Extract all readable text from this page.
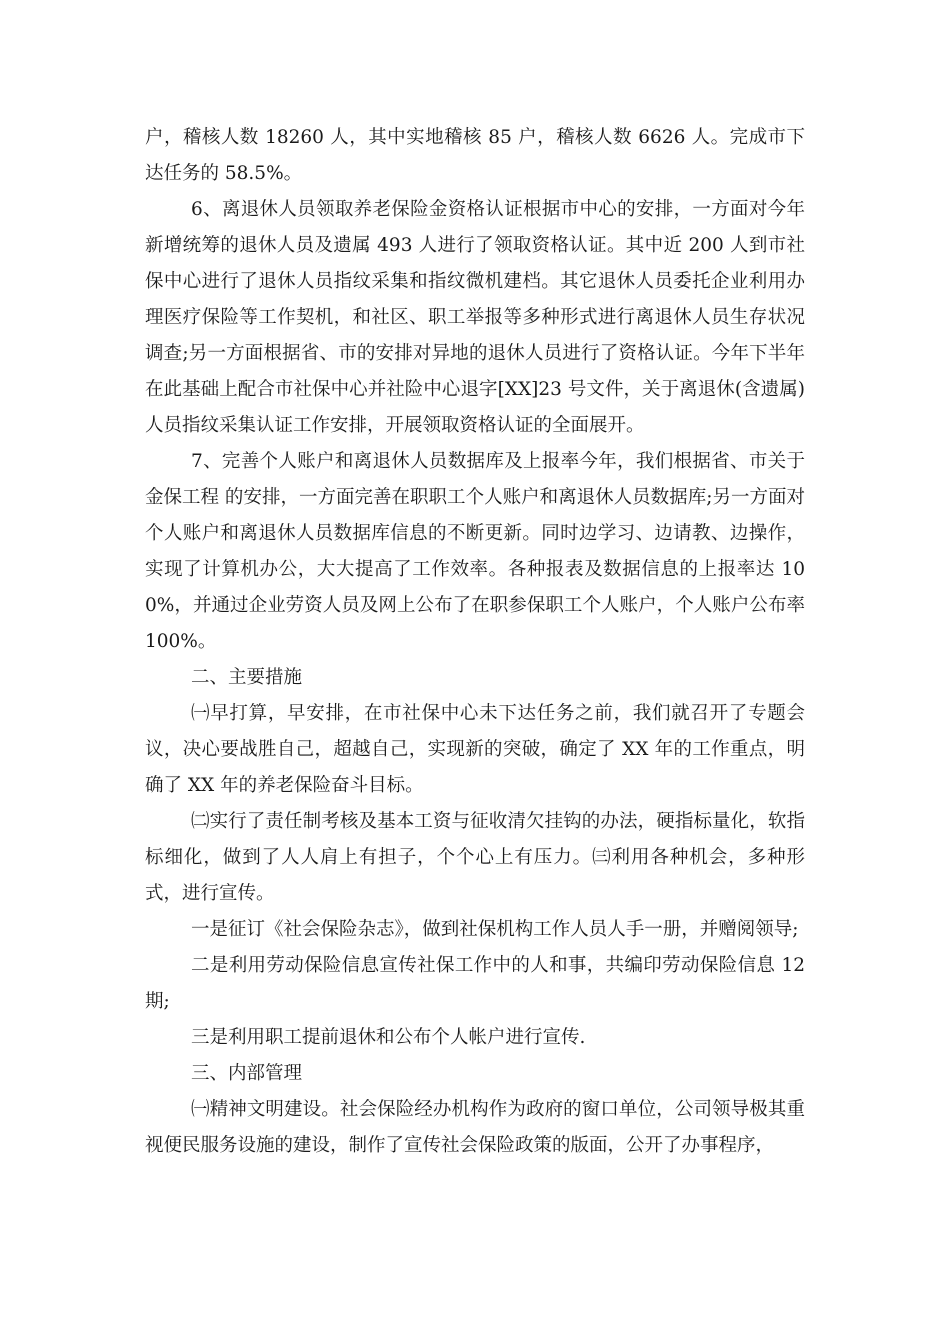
户，稽核人数 18260 人，其中实地稽核 85 户，稽核人数 6626 人。完成市下达任务的 58.5%。

6、离退休人员领取养老保险金资格认证根据市中心的安排，一方面对今年新增统筹的退休人员及遗属 493 人进行了领取资格认证。其中近 200 人到市社保中心进行了退休人员指纹采集和指纹微机建档。其它退休人员委托企业利用办理医疗保险等工作契机，和社区、职工举报等多种形式进行离退休人员生存状况调查;另一方面根据省、市的安排对异地的退休人员进行了资格认证。今年下半年在此基础上配合市社保中心并社险中心退字[XX]23 号文件，关于离退休(含遗属)人员指纹采集认证工作安排，开展领取资格认证的全面展开。

7、完善个人账户和离退休人员数据库及上报率今年，我们根据省、市关于 金保工程 的安排，一方面完善在职职工个人账户和离退休人员数据库;另一方面对个人账户和离退休人员数据库信息的不断更新。同时边学习、边请教、边操作，实现了计算机办公，大大提高了工作效率。各种报表及数据信息的上报率达 100%，并通过企业劳资人员及网上公布了在职参保职工个人账户，个人账户公布率 100%。

二、主要措施

㈠早打算，早安排，在市社保中心未下达任务之前，我们就召开了专题会议，决心要战胜自己，超越自己，实现新的突破，确定了 XX 年的工作重点，明确了 XX 年的养老保险奋斗目标。

㈡实行了责任制考核及基本工资与征收清欠挂钩的办法，硬指标量化，软指标细化，做到了人人肩上有担子，个个心上有压力。㈢利用各种机会，多种形式，进行宣传。

一是征订《社会保险杂志》，做到社保机构工作人员人手一册，并赠阅领导;

二是利用劳动保险信息宣传社保工作中的人和事，共编印劳动保险信息 12 期;

三是利用职工提前退休和公布个人帐户进行宣传.

三、内部管理

㈠精神文明建设。社会保险经办机构作为政府的窗口单位，公司领导极其重视便民服务设施的建设，制作了宣传社会保险政策的版面，公开了办事程序，
